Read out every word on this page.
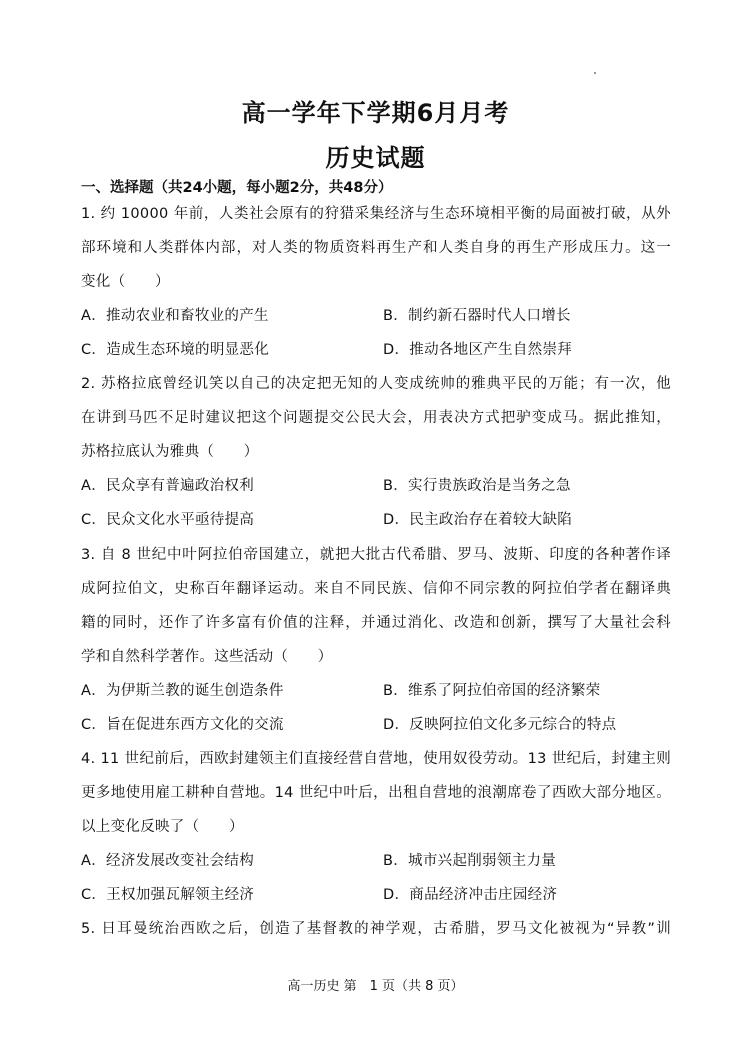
高一学年下学期6月月考
历史试题
一、选择题（共24小题，每小题2分，共48分）
1. 约 10000 年前，人类社会原有的狩猎采集经济与生态环境相平衡的局面被打破，从外
部环境和人类群体内部，对人类的物质资料再生产和人类自身的再生产形成压力。这一
变化（　　）
A．推动农业和畜牧业的产生	B．制约新石器时代人口增长
C．造成生态环境的明显恶化	D．推动各地区产生自然崇拜
2. 苏格拉底曾经讥笑以自己的决定把无知的人变成统帅的雅典平民的万能；有一次，他
在讲到马匹不足时建议把这个问题提交公民大会，用表决方式把驴变成马。据此推知，
苏格拉底认为雅典（　　）
A．民众享有普遍政治权利	B．实行贵族政治是当务之急
C．民众文化水平亟待提高	D．民主政治存在着较大缺陷
3. 自 8 世纪中叶阿拉伯帝国建立，就把大批古代希腊、罗马、波斯、印度的各种著作译
成阿拉伯文，史称百年翻译运动。来自不同民族、信仰不同宗教的阿拉伯学者在翻译典
籍的同时，还作了许多富有价值的注释，并通过消化、改造和创新，撰写了大量社会科
学和自然科学著作。这些活动（　　）
A．为伊斯兰教的诞生创造条件	B．维系了阿拉伯帝国的经济繁荣
C．旨在促进东西方文化的交流	D．反映阿拉伯文化多元综合的特点
4. 11 世纪前后，西欧封建领主们直接经营自营地，使用奴役劳动。13 世纪后，封建主则
更多地使用雇工耕种自营地。14 世纪中叶后，出租自营地的浪潮席卷了西欧大部分地区。
以上变化反映了（　　）
A．经济发展改变社会结构	B．城市兴起削弱领主力量
C．王权加强瓦解领主经济	D．商品经济冲击庄园经济
5. 日耳曼统治西欧之后，创造了基督教的神学观，古希腊，罗马文化被视为“异教”训
高一历史 第　1 页（共 8 页）
